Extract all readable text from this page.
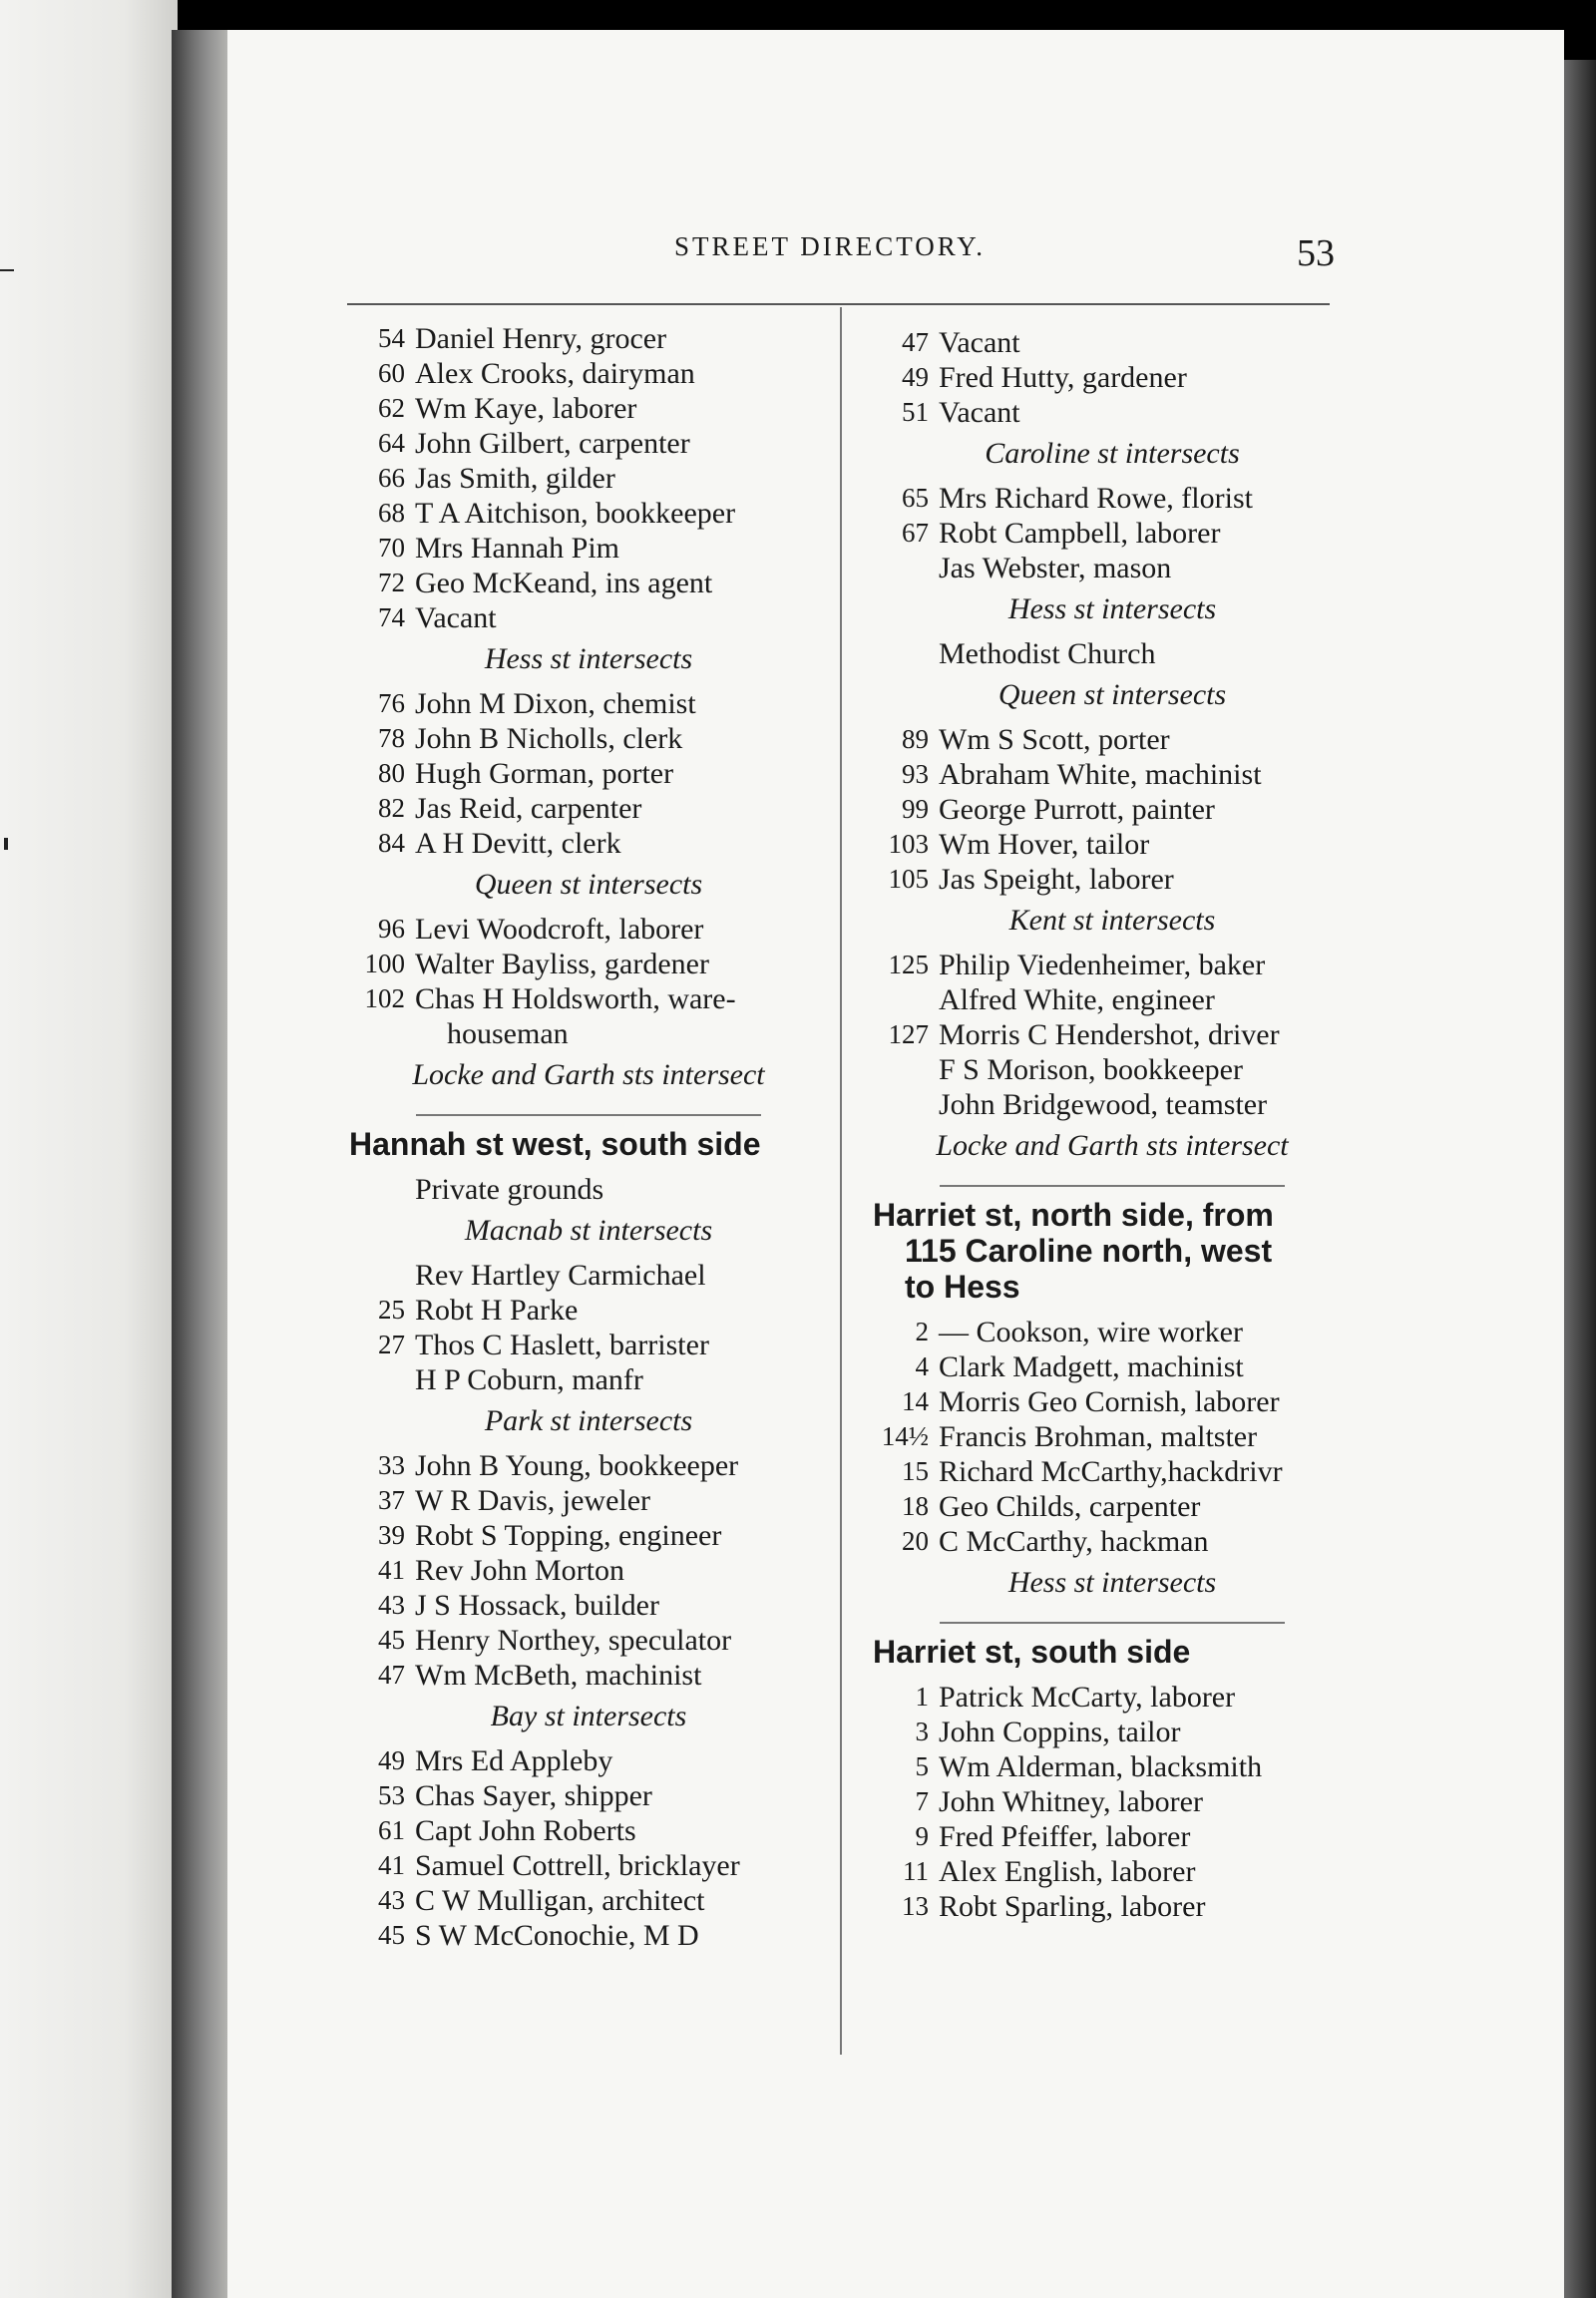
STREET DIRECTORY.	53
54 Daniel Henry, grocer
60 Alex Crooks, dairyman
62 Wm Kaye, laborer
64 John Gilbert, carpenter
66 Jas Smith, gilder
68 T A Aitchison, bookkeeper
70 Mrs Hannah Pim
72 Geo McKeand, ins agent
74 Vacant
Hess st intersects
76 John M Dixon, chemist
78 John B Nicholls, clerk
80 Hugh Gorman, porter
82 Jas Reid, carpenter
84 A H Devitt, clerk
Queen st intersects
96 Levi Woodcroft, laborer
100 Walter Bayliss, gardener
102 Chas H Holdsworth, ware-
houseman
Locke and Garth sts intersect
Hannah st west, south side
Private grounds
Macnab st intersects
Rev Hartley Carmichael
25 Robt H Parke
27 Thos C Haslett, barrister
H P Coburn, manfr
Park st intersects
33 John B Young, bookkeeper
37 W R Davis, jeweler
39 Robt S Topping, engineer
41 Rev John Morton
43 J S Hossack, builder
45 Henry Northey, speculator
47 Wm McBeth, machinist
Bay st intersects
49 Mrs Ed Appleby
53 Chas Sayer, shipper
61 Capt John Roberts
41 Samuel Cottrell, bricklayer
43 C W Mulligan, architect
45 S W McConochie, M D
47 Vacant
49 Fred Hutty, gardener
51 Vacant
Caroline st intersects
65 Mrs Richard Rowe, florist
67 Robt Campbell, laborer
Jas Webster, mason
Hess st intersects
Methodist Church
Queen st intersects
89 Wm S Scott, porter
93 Abraham White, machinist
99 George Purrott, painter
103 Wm Hover, tailor
105 Jas Speight, laborer
Kent st intersects
125 Philip Viedenheimer, baker
Alfred White, engineer
127 Morris C Hendershot, driver
F S Morison, bookkeeper
John Bridgewood, teamster
Locke and Garth sts intersect
Harriet st, north side, from
115 Caroline north, west
to Hess
2 — Cookson, wire worker
4 Clark Madgett, machinist
14 Morris Geo Cornish, laborer
14½ Francis Brohman, maltster
15 Richard McCarthy,hackdrivr
18 Geo Childs, carpenter
20 C McCarthy, hackman
Hess st intersects
Harriet st, south side
1 Patrick McCarty, laborer
3 John Coppins, tailor
5 Wm Alderman, blacksmith
7 John Whitney, laborer
9 Fred Pfeiffer, laborer
11 Alex English, laborer
13 Robt Sparling, laborer
